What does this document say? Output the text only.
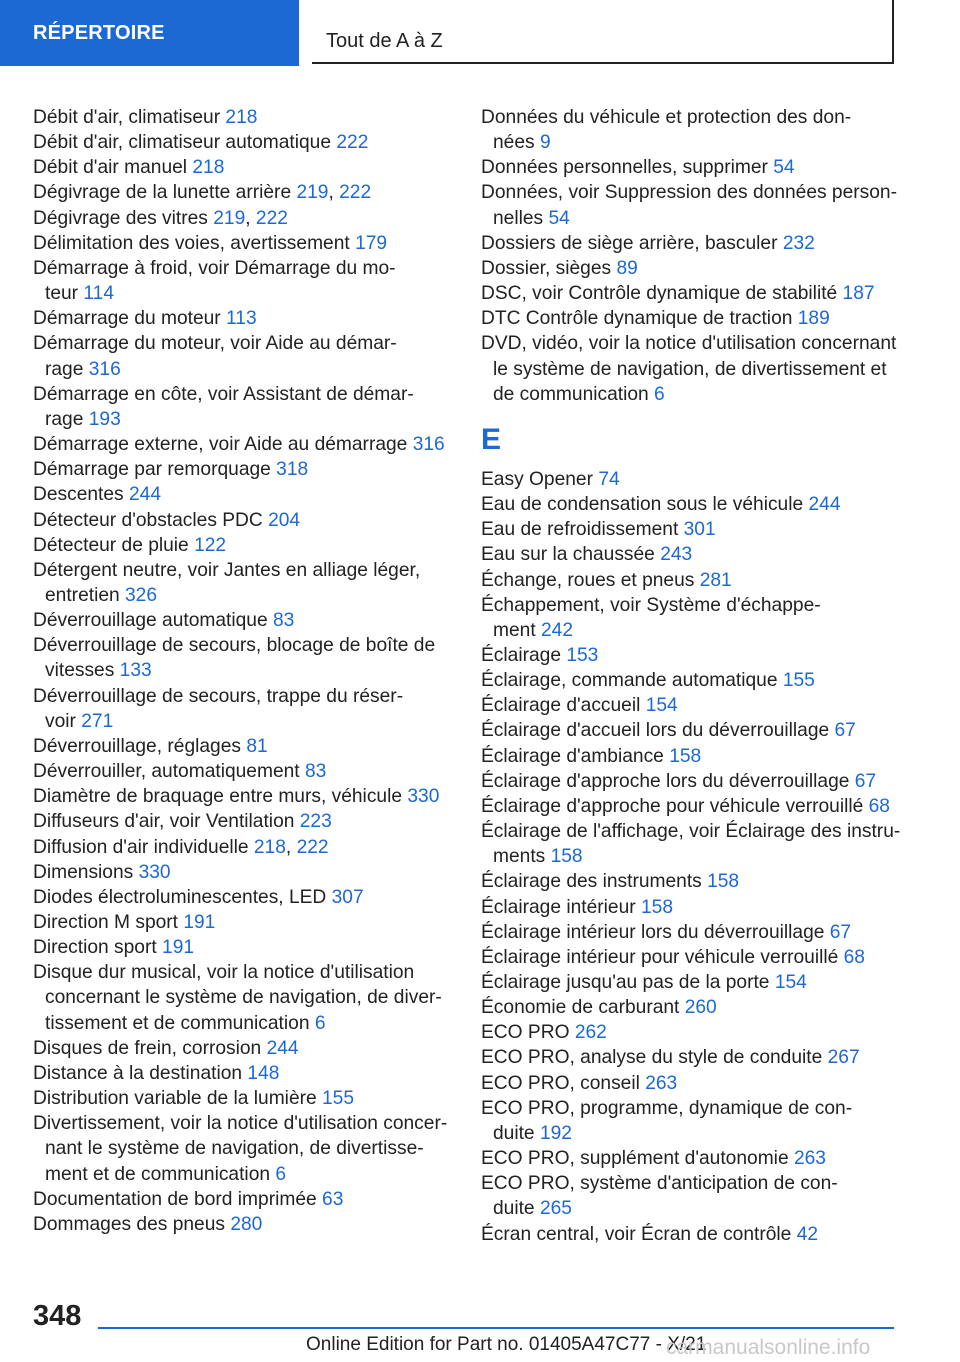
RÉPERTOIRE	Tout de A à Z
Débit d'air, climatiseur 218
Débit d'air, climatiseur automatique 222
Débit d'air manuel 218
Dégivrage de la lunette arrière 219, 222
Dégivrage des vitres 219, 222
Délimitation des voies, avertissement 179
Démarrage à froid, voir Démarrage du mo‐
teur 114
Démarrage du moteur 113
Démarrage du moteur, voir Aide au démar‐
rage 316
Démarrage en côte, voir Assistant de démar‐
rage 193
Démarrage externe, voir Aide au démarrage 316
Démarrage par remorquage 318
Descentes 244
Détecteur d'obstacles PDC 204
Détecteur de pluie 122
Détergent neutre, voir Jantes en alliage léger,
entretien 326
Déverrouillage automatique 83
Déverrouillage de secours, blocage de boîte de
vitesses 133
Déverrouillage de secours, trappe du réser‐
voir 271
Déverrouillage, réglages 81
Déverrouiller, automatiquement 83
Diamètre de braquage entre murs, véhicule 330
Diffuseurs d'air, voir Ventilation 223
Diffusion d'air individuelle 218, 222
Dimensions 330
Diodes électroluminescentes, LED 307
Direction M sport 191
Direction sport 191
Disque dur musical, voir la notice d'utilisation
concernant le système de navigation, de diver‐
tissement et de communication 6
Disques de frein, corrosion 244
Distance à la destination 148
Distribution variable de la lumière 155
Divertissement, voir la notice d'utilisation concer‐
nant le système de navigation, de divertisse‐
ment et de communication 6
Documentation de bord imprimée 63
Dommages des pneus 280
Données du véhicule et protection des don‐
nées 9
Données personnelles, supprimer 54
Données, voir Suppression des données person‐
nelles 54
Dossiers de siège arrière, basculer 232
Dossier, sièges 89
DSC, voir Contrôle dynamique de stabilité 187
DTC Contrôle dynamique de traction 189
DVD, vidéo, voir la notice d'utilisation concernant
le système de navigation, de divertissement et
de communication 6
E
Easy Opener 74
Eau de condensation sous le véhicule 244
Eau de refroidissement 301
Eau sur la chaussée 243
Échange, roues et pneus 281
Échappement, voir Système d'échappe‐
ment 242
Éclairage 153
Éclairage, commande automatique 155
Éclairage d'accueil 154
Éclairage d'accueil lors du déverrouillage 67
Éclairage d'ambiance 158
Éclairage d'approche lors du déverrouillage 67
Éclairage d'approche pour véhicule verrouillé 68
Éclairage de l'affichage, voir Éclairage des instru‐
ments 158
Éclairage des instruments 158
Éclairage intérieur 158
Éclairage intérieur lors du déverrouillage 67
Éclairage intérieur pour véhicule verrouillé 68
Éclairage jusqu'au pas de la porte 154
Économie de carburant 260
ECO PRO 262
ECO PRO, analyse du style de conduite 267
ECO PRO, conseil 263
ECO PRO, programme, dynamique de con‐
duite 192
ECO PRO, supplément d'autonomie 263
ECO PRO, système d'anticipation de con‐
duite 265
Écran central, voir Écran de contrôle 42
348
Online Edition for Part no. 01405A47C77 - X/21
carmanualsonline.info
